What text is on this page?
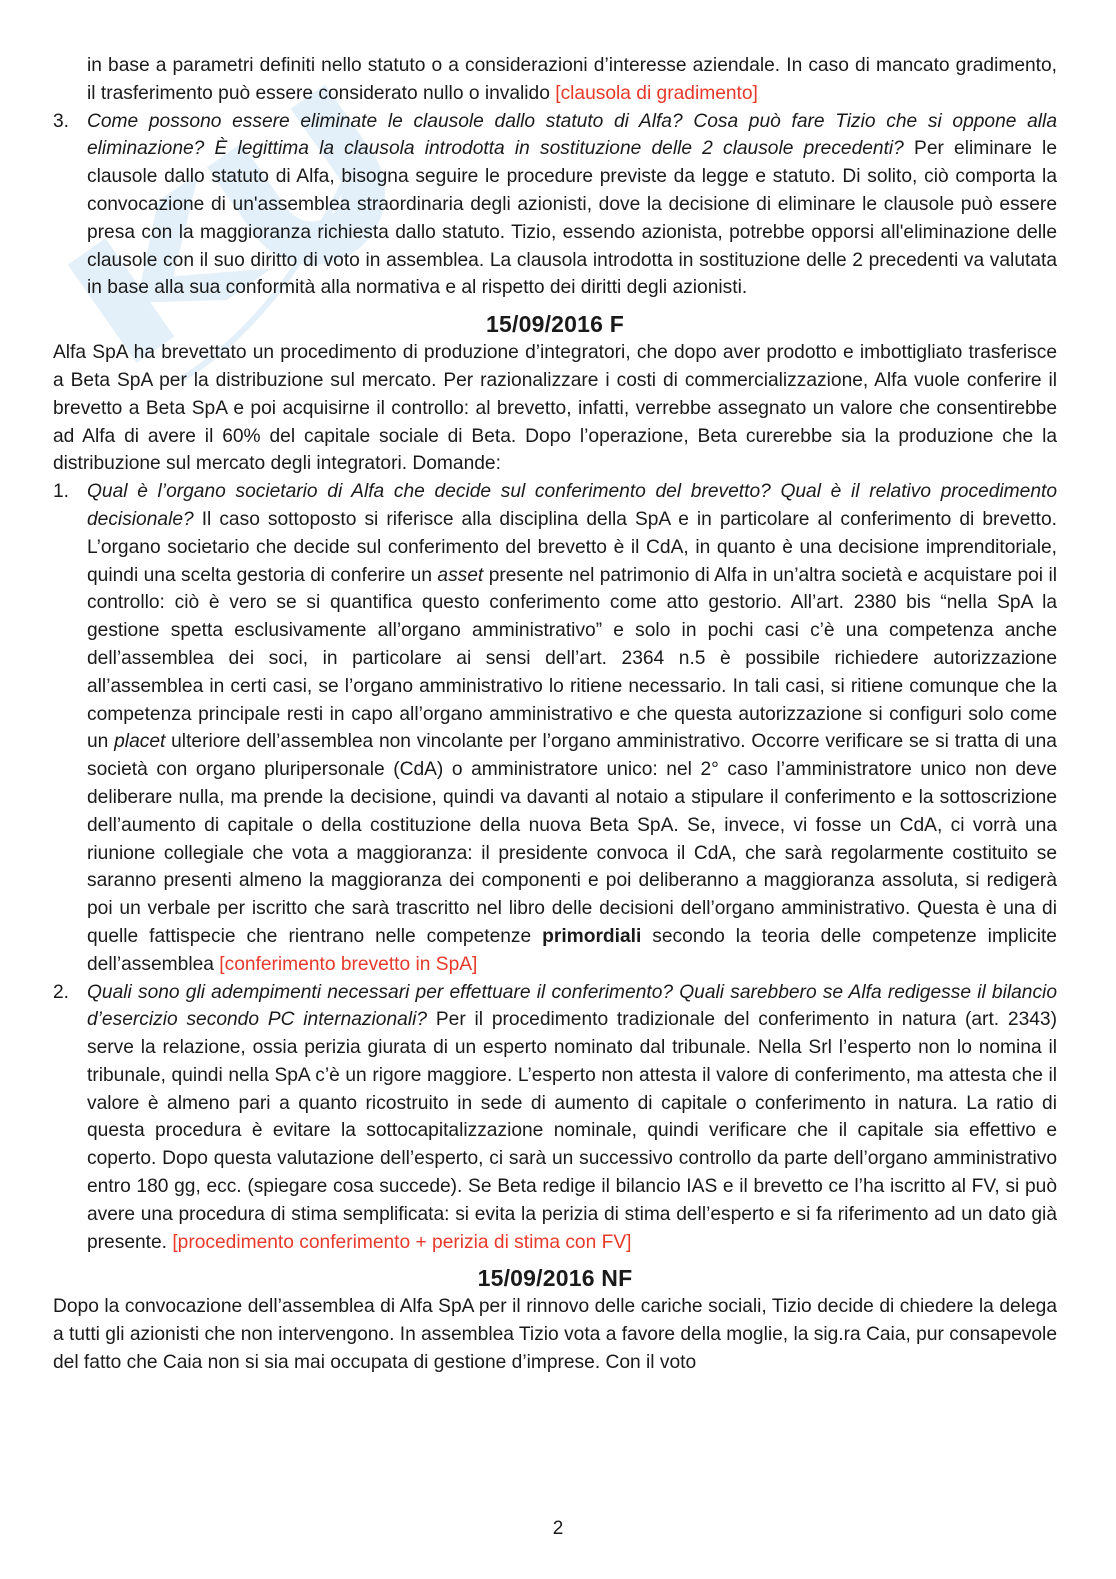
in base a parametri definiti nello statuto o a considerazioni d’interesse aziendale. In caso di mancato gradimento, il trasferimento può essere considerato nullo o invalido [clausola di gradimento]

3. Come possono essere eliminate le clausole dallo statuto di Alfa? Cosa può fare Tizio che si oppone alla eliminazione? È legittima la clausola introdotta in sostituzione delle 2 clausole precedenti? Per eliminare le clausole dallo statuto di Alfa, bisogna seguire le procedure previste da legge e statuto. Di solito, ciò comporta la convocazione di un'assemblea straordinaria degli azionisti, dove la decisione di eliminare le clausole può essere presa con la maggioranza richiesta dallo statuto. Tizio, essendo azionista, potrebbe opporsi all'eliminazione delle clausole con il suo diritto di voto in assemblea. La clausola introdotta in sostituzione delle 2 precedenti va valutata in base alla sua conformità alla normativa e al rispetto dei diritti degli azionisti.

15/09/2016 F

Alfa SpA ha brevettato un procedimento di produzione d’integratori, che dopo aver prodotto e imbottigliato trasferisce a Beta SpA per la distribuzione sul mercato. Per razionalizzare i costi di commercializzazione, Alfa vuole conferire il brevetto a Beta SpA e poi acquisirne il controllo: al brevetto, infatti, verrebbe assegnato un valore che consentirebbe ad Alfa di avere il 60% del capitale sociale di Beta. Dopo l’operazione, Beta curerebbe sia la produzione che la distribuzione sul mercato degli integratori. Domande:

1. Qual è l’organo societario di Alfa che decide sul conferimento del brevetto? Qual è il relativo procedimento decisionale? Il caso sottoposto si riferisce alla disciplina della SpA e in particolare al conferimento di brevetto. L’organo societario che decide sul conferimento del brevetto è il CdA, in quanto è una decisione imprenditoriale, quindi una scelta gestoria di conferire un asset presente nel patrimonio di Alfa in un’altra società e acquistare poi il controllo: ciò è vero se si quantifica questo conferimento come atto gestorio. All’art. 2380 bis “nella SpA la gestione spetta esclusivamente all’organo amministrativo” e solo in pochi casi c’è una competenza anche dell’assemblea dei soci, in particolare ai sensi dell’art. 2364 n.5 è possibile richiedere autorizzazione all’assemblea in certi casi, se l’organo amministrativo lo ritiene necessario. In tali casi, si ritiene comunque che la competenza principale resti in capo all’organo amministrativo e che questa autorizzazione si configuri solo come un placet ulteriore dell’assemblea non vincolante per l’organo amministrativo. Occorre verificare se si tratta di una società con organo pluripersonale (CdA) o amministratore unico: nel 2° caso l’amministratore unico non deve deliberare nulla, ma prende la decisione, quindi va davanti al notaio a stipulare il conferimento e la sottoscrizione dell’aumento di capitale o della costituzione della nuova Beta SpA. Se, invece, vi fosse un CdA, ci vorrà una riunione collegiale che vota a maggioranza: il presidente convoca il CdA, che sarà regolarmente costituito se saranno presenti almeno la maggioranza dei componenti e poi deliberanno a maggioranza assoluta, si redigerà poi un verbale per iscritto che sarà trascritto nel libro delle decisioni dell’organo amministrativo. Questa è una di quelle fattispecie che rientrano nelle competenze primordiali secondo la teoria delle competenze implicite dell’assemblea [conferimento brevetto in SpA]

2. Quali sono gli adempimenti necessari per effettuare il conferimento? Quali sarebbero se Alfa redigesse il bilancio d’esercizio secondo PC internazionali? Per il procedimento tradizionale del conferimento in natura (art. 2343) serve la relazione, ossia perizia giurata di un esperto nominato dal tribunale. Nella Srl l’esperto non lo nomina il tribunale, quindi nella SpA c’è un rigore maggiore. L’esperto non attesta il valore di conferimento, ma attesta che il valore è almeno pari a quanto ricostruito in sede di aumento di capitale o conferimento in natura. La ratio di questa procedura è evitare la sottocapitalizzazione nominale, quindi verificare che il capitale sia effettivo e coperto. Dopo questa valutazione dell’esperto, ci sarà un successivo controllo da parte dell’organo amministrativo entro 180 gg, ecc. (spiegare cosa succede). Se Beta redige il bilancio IAS e il brevetto ce l’ha iscritto al FV, si può avere una procedura di stima semplificata: si evita la perizia di stima dell’esperto e si fa riferimento ad un dato già presente. [procedimento conferimento + perizia di stima con FV]

15/09/2016 NF

Dopo la convocazione dell’assemblea di Alfa SpA per il rinnovo delle cariche sociali, Tizio decide di chiedere la delega a tutti gli azionisti che non intervengono. In assemblea Tizio vota a favore della moglie, la sig.ra Caia, pur consapevole del fatto che Caia non si sia mai occupata di gestione d’imprese. Con il voto

2
